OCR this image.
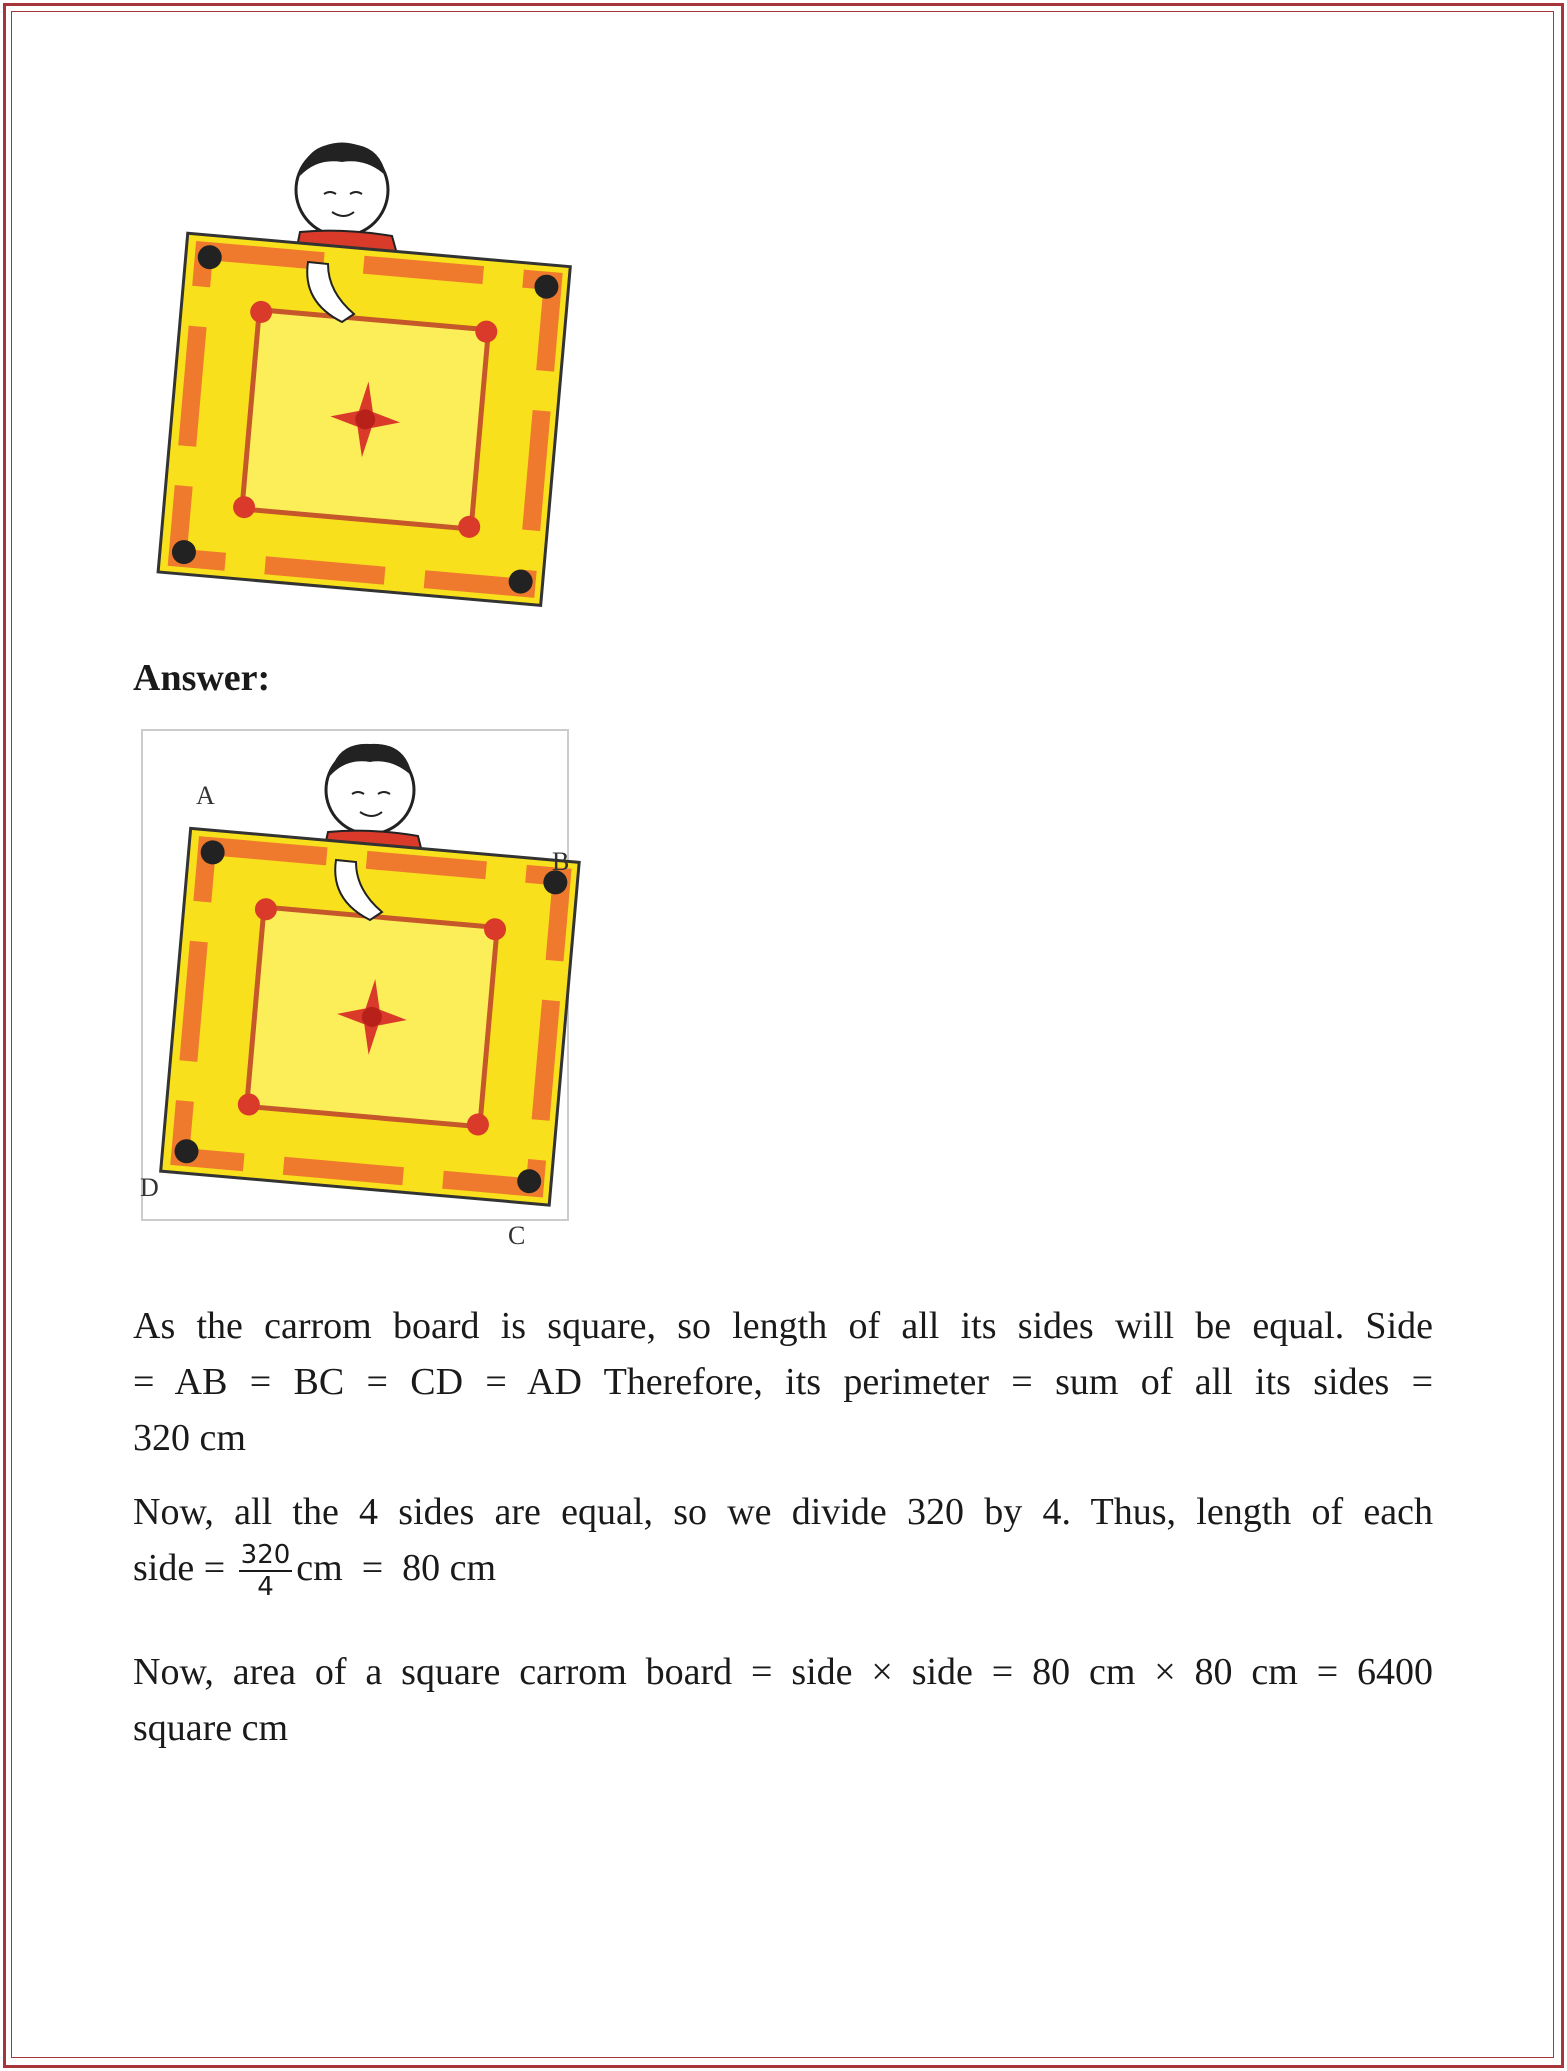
Answer:
A
B
C
D
As the carrom board is square, so length of all its sides will be equal. Side
= AB = BC = CD = AD Therefore, its perimeter = sum of all its sides =
320 cm
Now, all the 4 sides are equal, so we divide 320 by 4. Thus, length of each
side = $\frac{320}{4}$ cm  =  80 cm
Now, area of a square carrom board = side × side = 80 cm × 80 cm = 6400
square cm
